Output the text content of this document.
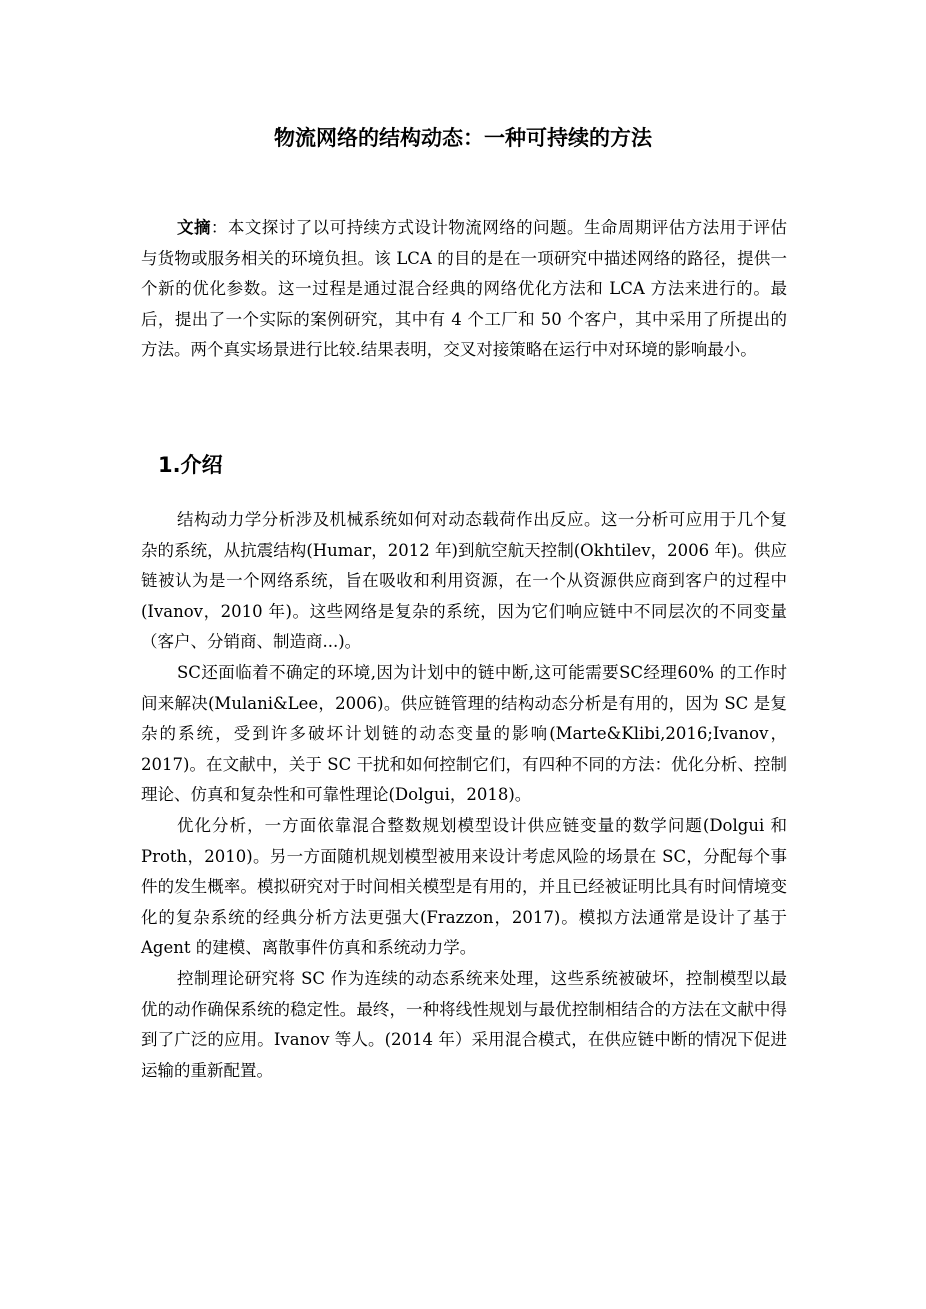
物流网络的结构动态：一种可持续的方法

文摘：本文探讨了以可持续方式设计物流网络的问题。生命周期评估方法用于评估与货物或服务相关的环境负担。该 LCA 的目的是在一项研究中描述网络的路径，提供一个新的优化参数。这一过程是通过混合经典的网络优化方法和 LCA 方法来进行的。最后，提出了一个实际的案例研究，其中有 4 个工厂和 50 个客户，其中采用了所提出的方法。两个真实场景进行比较.结果表明，交叉对接策略在运行中对环境的影响最小。

1.介绍

结构动力学分析涉及机械系统如何对动态载荷作出反应。这一分析可应用于几个复杂的系统，从抗震结构(Humar，2012 年)到航空航天控制(Okhtilev，2006 年)。供应链被认为是一个网络系统，旨在吸收和利用资源，在一个从资源供应商到客户的过程中(Ivanov，2010 年)。这些网络是复杂的系统，因为它们响应链中不同层次的不同变量（客户、分销商、制造商...)。

SC还面临着不确定的环境,因为计划中的链中断,这可能需要SC经理60% 的工作时间来解决(Mulani&Lee，2006)。供应链管理的结构动态分析是有用的，因为 SC 是复杂的系统，受到许多破坏计划链的动态变量的影响(Marte&Klibi,2016;Ivanov，2017)。在文献中，关于 SC 干扰和如何控制它们，有四种不同的方法：优化分析、控制理论、仿真和复杂性和可靠性理论(Dolgui，2018)。

优化分析，一方面依靠混合整数规划模型设计供应链变量的数学问题(Dolgui 和 Proth，2010)。另一方面随机规划模型被用来设计考虑风险的场景在 SC，分配每个事 件的发生概率。模拟研究对于时间相关模型是有用的，并且已经被证明比具有时间情境变化的复杂系统的经典分析方法更强大(Frazzon，2017)。模拟方法通常是设计了基于 Agent 的建模、离散事件仿真和系统动力学。

控制理论研究将 SC 作为连续的动态系统来处理，这些系统被破坏，控制模型以最优的动作确保系统的稳定性。最终，一种将线性规划与最优控制相结合的方法在文献中得到了广泛的应用。Ivanov 等人。(2014 年）采用混合模式，在供应链中断的情况下促进运输的重新配置。
